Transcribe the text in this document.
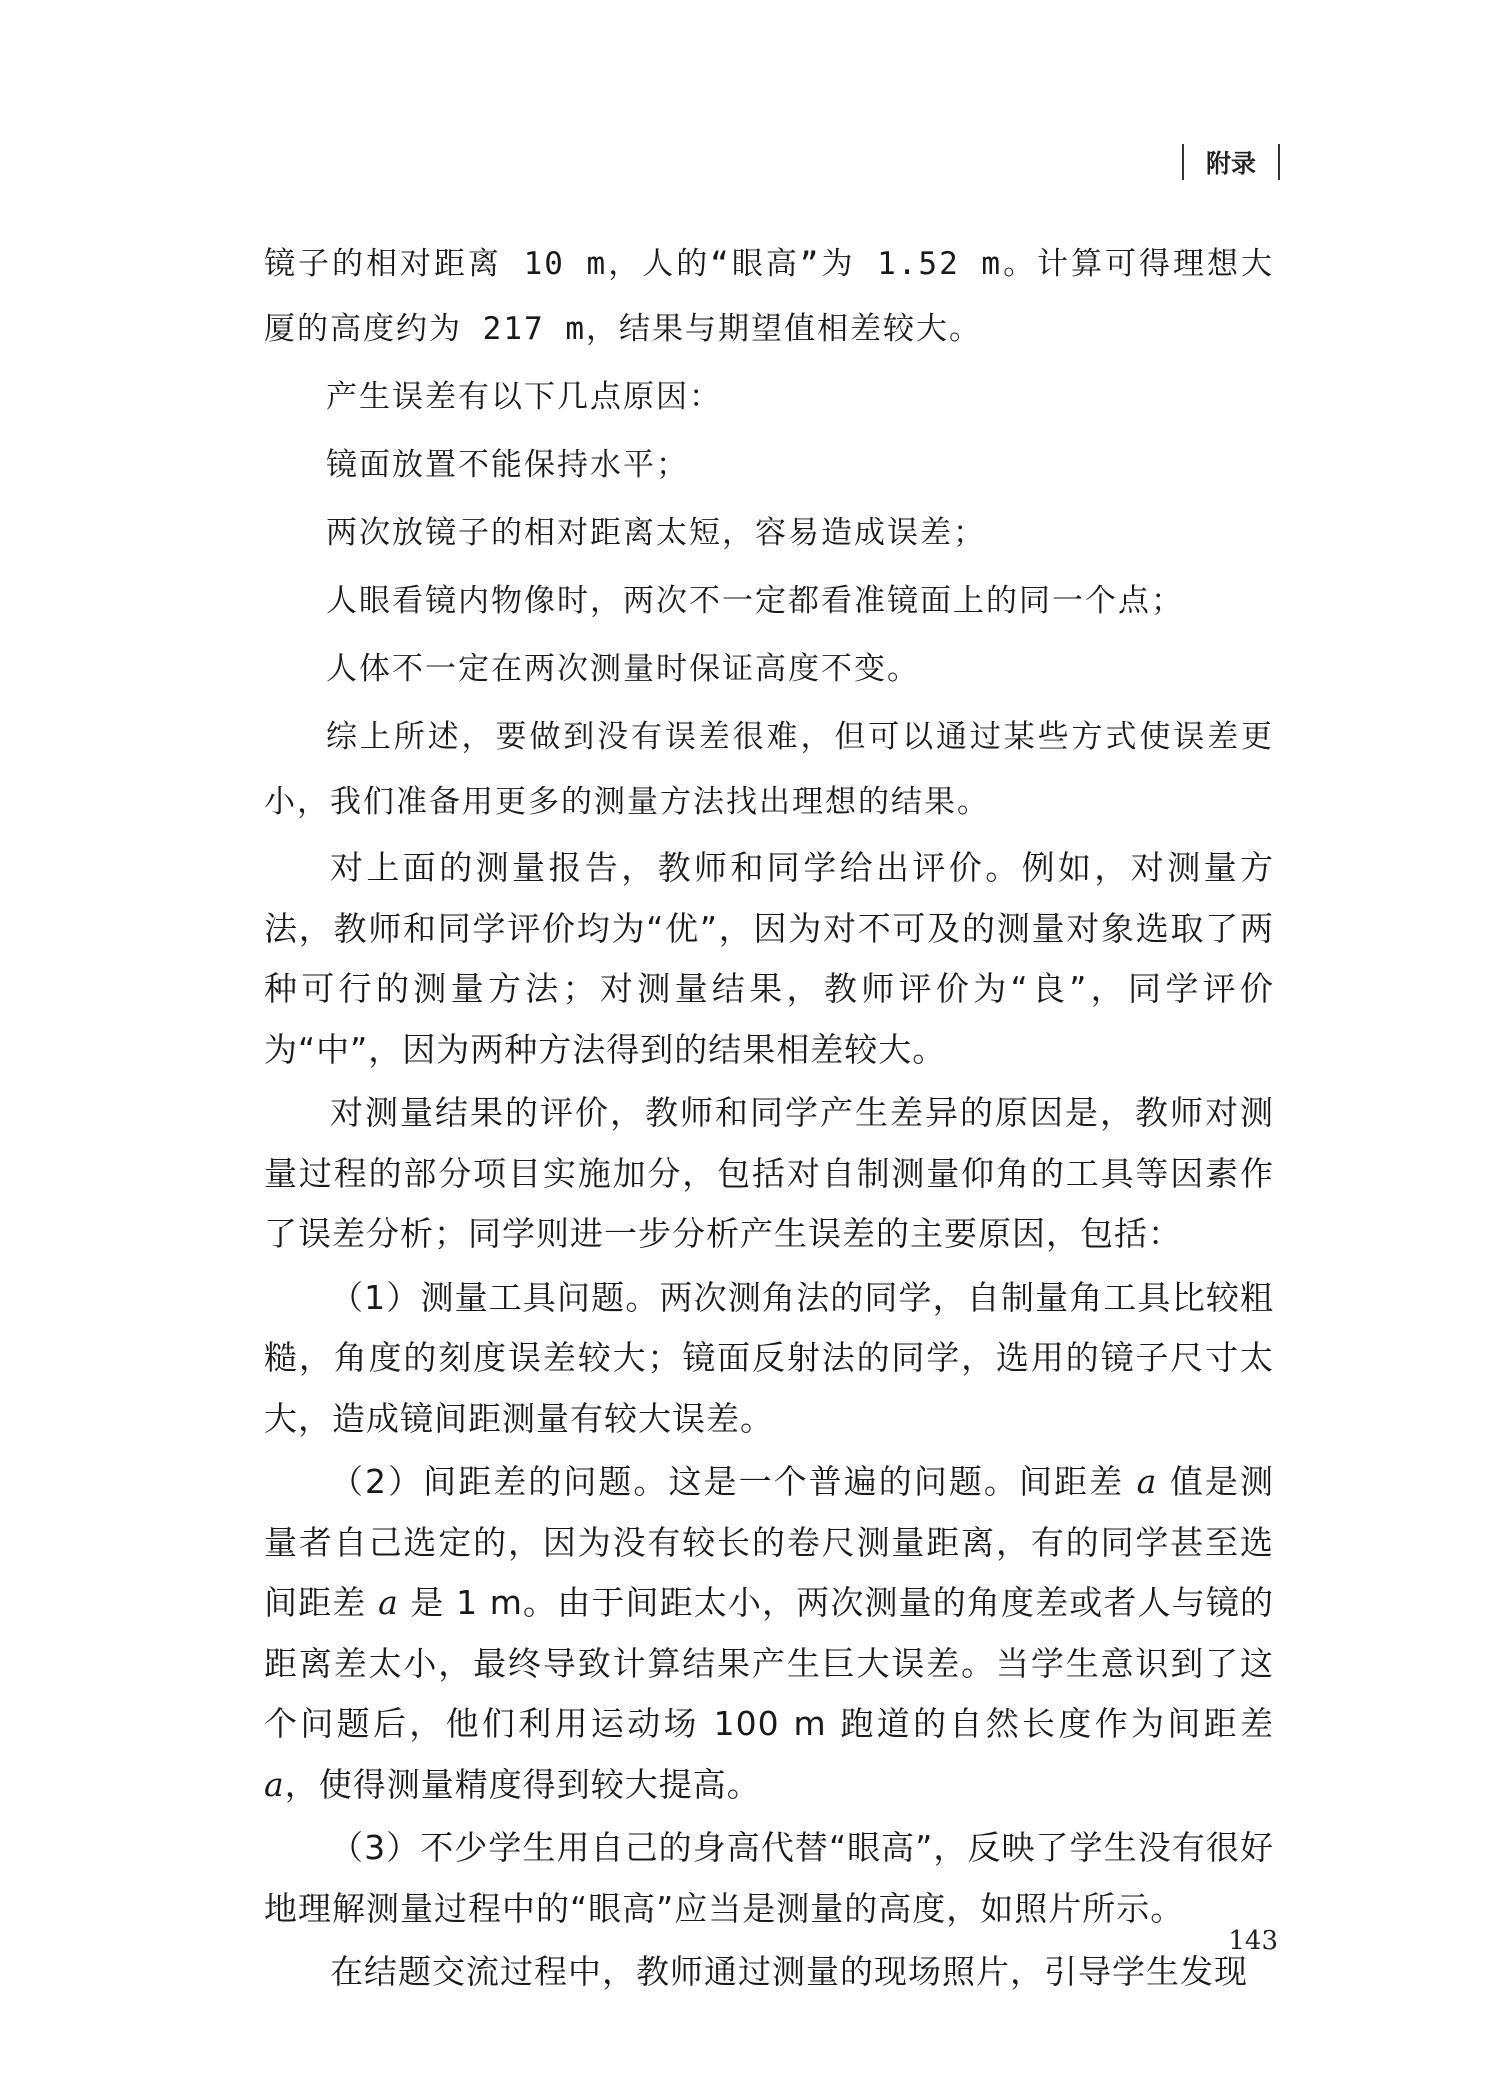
附录

镜子的相对距离 10 m，人的“眼高”为 1.52 m。计算可得理想大厦的高度约为 217 m，结果与期望值相差较大。

产生误差有以下几点原因：

镜面放置不能保持水平；

两次放镜子的相对距离太短，容易造成误差；

人眼看镜内物像时，两次不一定都看准镜面上的同一个点；

人体不一定在两次测量时保证高度不变。

综上所述，要做到没有误差很难，但可以通过某些方式使误差更小，我们准备用更多的测量方法找出理想的结果。

对上面的测量报告，教师和同学给出评价。例如，对测量方法，教师和同学评价均为“优”，因为对不可及的测量对象选取了两种可行的测量方法；对测量结果，教师评价为“良”，同学评价为“中”，因为两种方法得到的结果相差较大。

对测量结果的评价，教师和同学产生差异的原因是，教师对测量过程的部分项目实施加分，包括对自制测量仰角的工具等因素作了误差分析；同学则进一步分析产生误差的主要原因，包括：

（1）测量工具问题。两次测角法的同学，自制量角工具比较粗糙，角度的刻度误差较大；镜面反射法的同学，选用的镜子尺寸太大，造成镜间距测量有较大误差。

（2）间距差的问题。这是一个普遍的问题。间距差 a 值是测量者自己选定的，因为没有较长的卷尺测量距离，有的同学甚至选间距差 a 是 1 m。由于间距太小，两次测量的角度差或者人与镜的距离差太小，最终导致计算结果产生巨大误差。当学生意识到了这个问题后，他们利用运动场 100 m 跑道的自然长度作为间距差 a，使得测量精度得到较大提高。

（3）不少学生用自己的身高代替“眼高”，反映了学生没有很好地理解测量过程中的“眼高”应当是测量的高度，如照片所示。

在结题交流过程中，教师通过测量的现场照片，引导学生发现

143
